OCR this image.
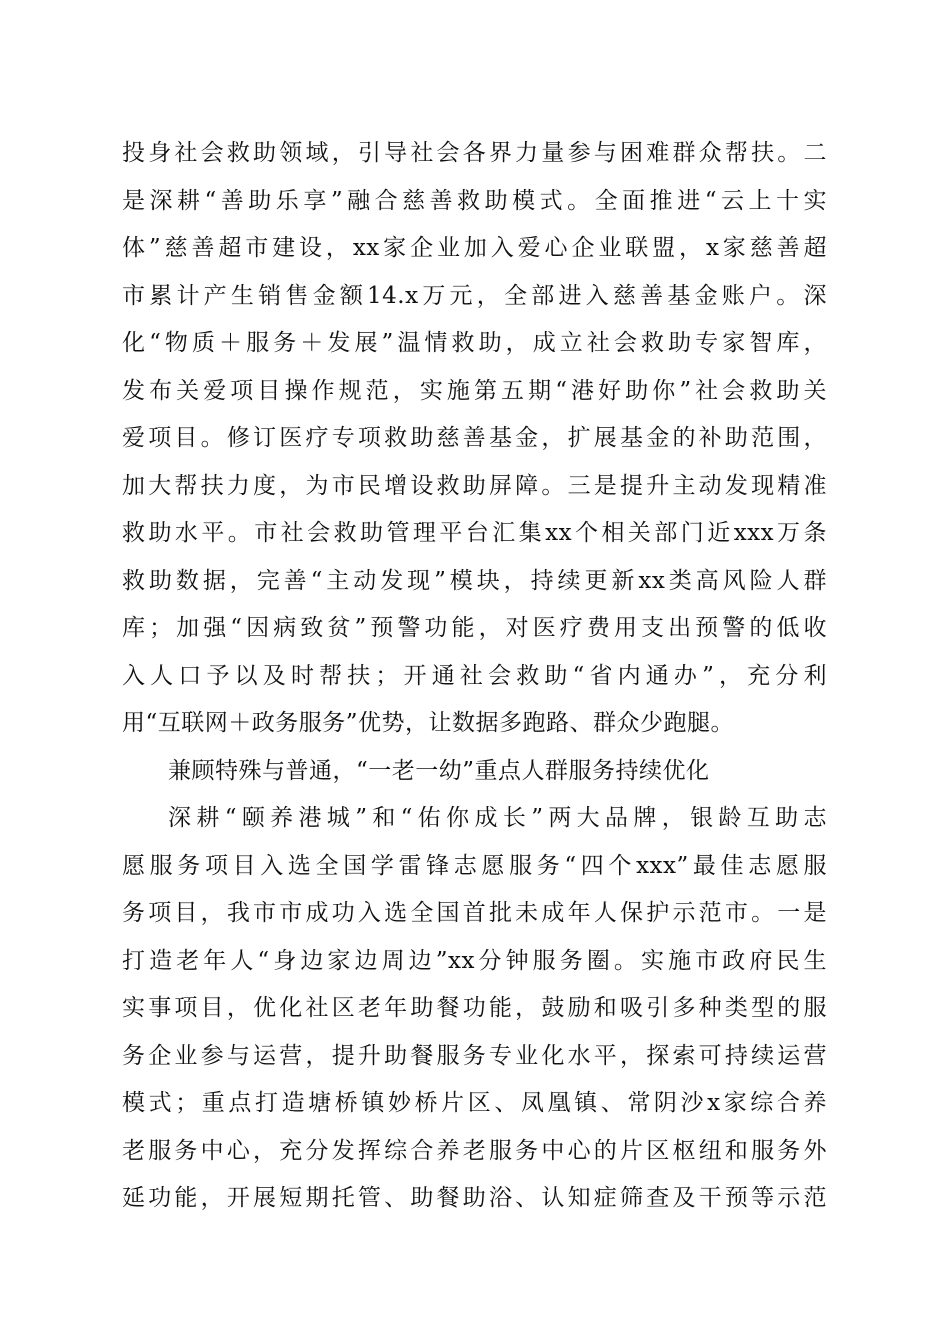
投身社会救助领域，引导社会各界力量参与困难群众帮扶。二
是深耕“善助乐享”融合慈善救助模式。全面推进“云上十实
体”慈善超市建设，xx家企业加入爱心企业联盟，x家慈善超
市累计产生销售金额14.x万元，全部进入慈善基金账户。深
化“物质＋服务＋发展”温情救助，成立社会救助专家智库，
发布关爱项目操作规范，实施第五期“港好助你”社会救助关
爱项目。修订医疗专项救助慈善基金，扩展基金的补助范围，
加大帮扶力度，为市民增设救助屏障。三是提升主动发现精准
救助水平。市社会救助管理平台汇集xx个相关部门近xxx万条
救助数据，完善“主动发现”模块，持续更新xx类高风险人群
库；加强“因病致贫”预警功能，对医疗费用支出预警的低收
入人口予以及时帮扶；开通社会救助“省内通办”，充分利
用“互联网＋政务服务”优势，让数据多跑路、群众少跑腿。
兼顾特殊与普通，“一老一幼”重点人群服务持续优化
深耕“颐养港城”和“佑你成长”两大品牌，银龄互助志
愿服务项目入选全国学雷锋志愿服务“四个xxx”最佳志愿服
务项目，我市市成功入选全国首批未成年人保护示范市。一是
打造老年人“身边家边周边”xx分钟服务圈。实施市政府民生
实事项目，优化社区老年助餐功能，鼓励和吸引多种类型的服
务企业参与运营，提升助餐服务专业化水平，探索可持续运营
模式；重点打造塘桥镇妙桥片区、凤凰镇、常阴沙x家综合养
老服务中心，充分发挥综合养老服务中心的片区枢纽和服务外
延功能，开展短期托管、助餐助浴、认知症筛查及干预等示范
